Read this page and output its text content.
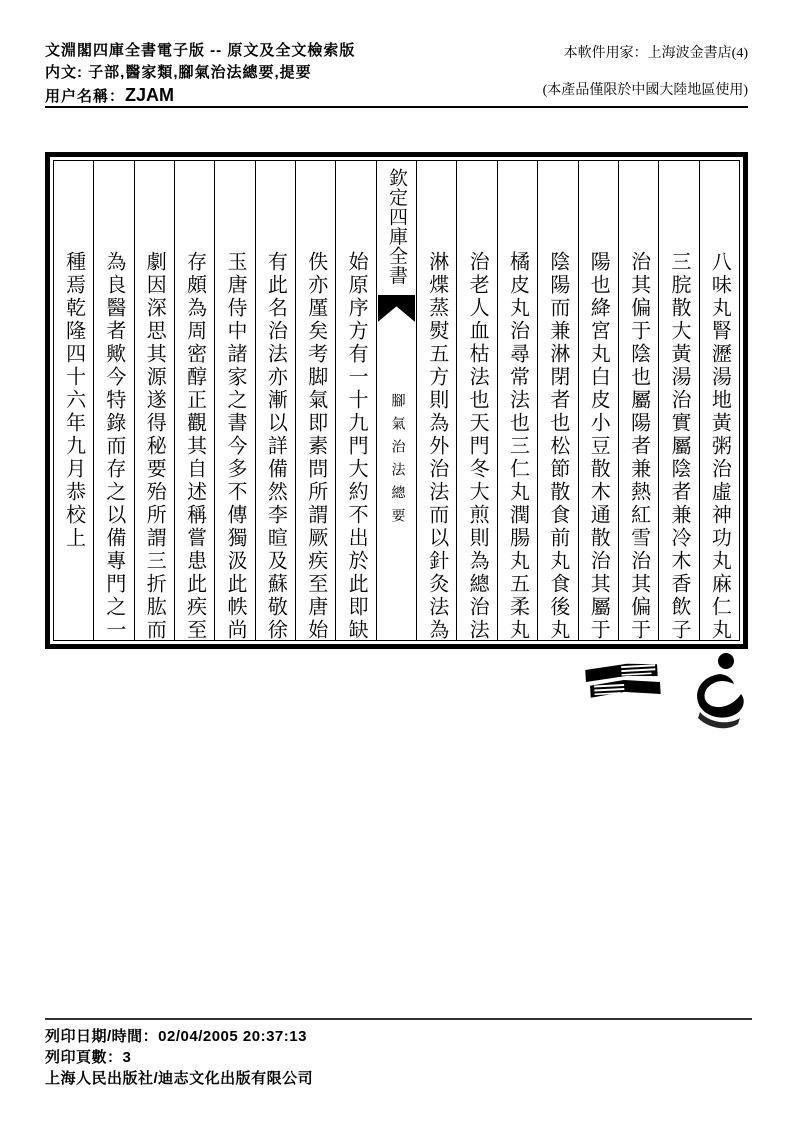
文淵閣四庫全書電子版 -- 原文及全文檢索版
内文: 子部,醫家類,腳氣治法總要,提要
用户名稱：ZJAM
本軟件用家：上海波金書店(4)
(本產品僅限於中國大陸地區使用)
八味丸腎瀝湯地黃粥治虛神功丸麻仁丸
三脘散大黃湯治實屬陰者兼冷木香飲子
治其偏于陰也屬陽者兼熱紅雪治其偏于
陽也絳宮丸白皮小豆散木通散治其屬于
陰陽而兼淋閉者也松節散食前丸食後丸
橘皮丸治尋常法也三仁丸潤腸丸五柔丸
治老人血枯法也天門冬大煎則為總治法
淋煠蒸熨五方則為外治法而以針灸法為
欽定四庫全書
腳氣治法總要
始原序方有一十九門大約不出於此即缺
佚亦厪矣考脚氣即素問所謂厥疾至唐始
有此名治法亦漸以詳備然李暄及蘇敬徐
玉唐侍中諸家之書今多不傳獨汲此帙尚
存頗為周密醇正觀其自述稱嘗患此疾至
劇因深思其源遂得秘要殆所謂三折肱而
為良醫者歟今特錄而存之以備專門之一
種焉乾隆四十六年九月恭校上
列印日期/時間：02/04/2005 20:37:13
列印頁數：3
上海人民出版社/迪志文化出版有限公司
